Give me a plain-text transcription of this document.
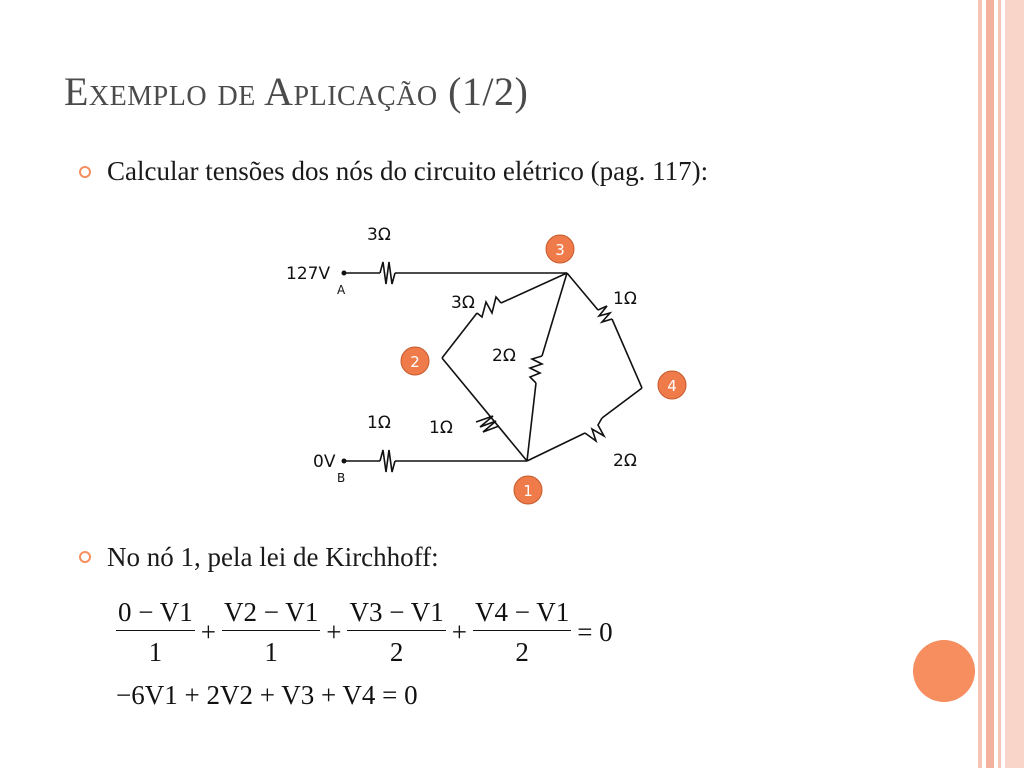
Exemplo de Aplicação (1/2)
Calcular tensões dos nós do circuito elétrico (pag. 117):
127V
A
0V
B
3Ω
3Ω	1Ω
2Ω
1Ω 1Ω
2Ω
1
2
3
4
No nó 1, pela lei de Kirchhoff:
$\frac{0 - V1}{1} + \frac{V2 - V1}{1} + \frac{V3 - V1}{2} + \frac{V4 - V1}{2} = 0$
−6V1 + 2V2 + V3 + V4 = 0
